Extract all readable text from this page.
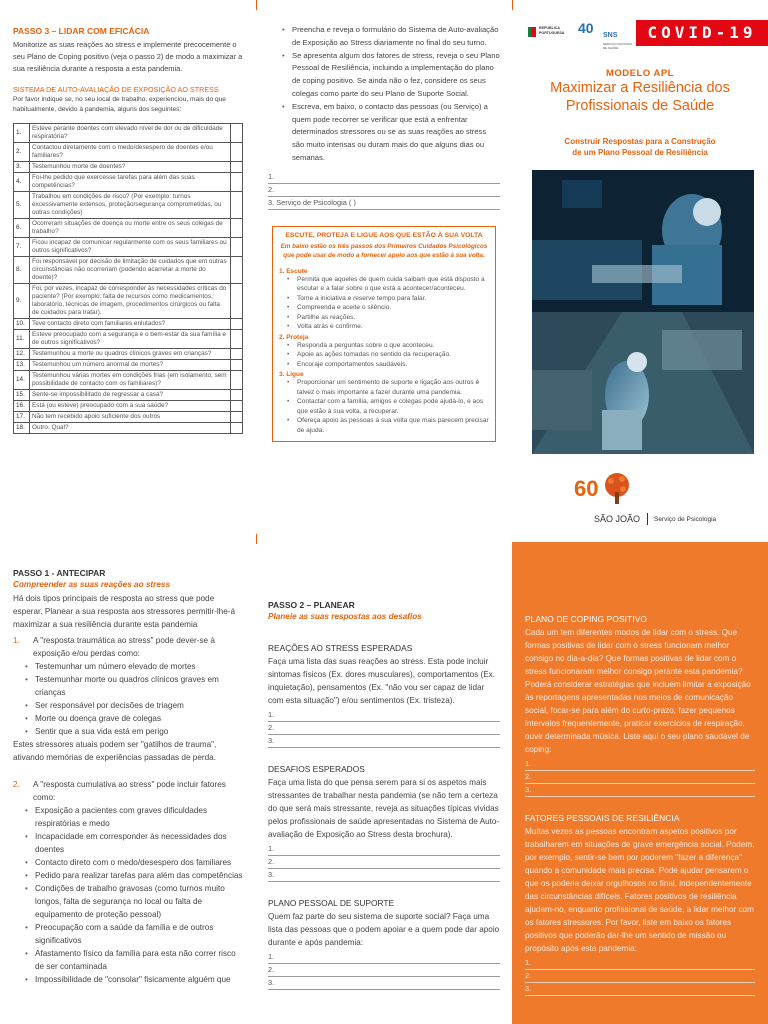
PASSO 3 – LIDAR COM EFICÁCIA
Monitorize as suas reações ao stress e implemente precocemente o seu Plano de Coping positivo (veja o passo 2) de modo a maximizar a sua resiliência durante a resposta a esta pandemia.
SISTEMA DE AUTO-AVALIAÇÃO DE EXPOSIÇÃO AO STRESS
Por favor indique se, no seu local de trabalho, experienciou, mais do que habitualmente, devido à pandemia, alguns dos seguintes:
1.	Esteve perante doentes com elevado nível de dor ou de dificuldade respiratória?	
2.	Contactou diretamente com o medo/desespero de doentes e/ou familiares?	
3.	Testemunhou morte de doentes?	
4.	Foi-lhe pedido que exercesse tarefas para além das suas competências?	
5.	Trabalhou em condições de risco? (Por exemplo: turnos excessivamente extensos, proteção/segurança comprometidas, ou outras condições)	
6.	Ocorreram situações de doença ou morte entre os seus colegas de trabalho?	
7.	Ficou incapaz de comunicar regularmente com os seus familiares ou outros significativos?	
8.	Foi responsável por decisão de limitação de cuidados que em outras circunstâncias não ocorreriam (podendo acarretar a morte do doente)?	
9.	Foi, por vezes, incapaz de corresponder às necessidades críticas do paciente? (Por exemplo: falta de recursos como medicamentos, laboratório, técnicas de imagem, procedimentos cirúrgicos ou falta de cuidados para tratar).	
10.	Teve contacto direto com familiares enlutados?	
11.	Esteve preocupado com a segurança e o bem-estar da sua família e de outros significativos?	
12.	Testemunhou a morte ou quadros clínicos graves em crianças?	
13.	Testemunhou um número anormal de mortes?	
14.	Testemunhou várias mortes em condições frias (em isolamento, sem possibilidade de contacto com os familiares)?	
15.	Sente-se impossibilitado de regressar a casa?	
16.	Está (ou esteve) preocupado com a sua saúde?	
17.	Não tem recebido apoio suficiente dos outros	
18.	Outro. Qual?	
• Preencha e reveja o formulário do Sistema de Auto-avaliação de Exposição ao Stress diariamente no final do seu turno.
• Se apresenta algum dos fatores de stress, reveja o seu Plano Pessoal de Resiliência, incluindo a implementação do plano de coping positivo. Se ainda não o fez, considere os seus colegas como parte do seu Plano de Suporte Social.
• Escreva, em baixo, o contacto das pessoas (ou Serviço) a quem pode recorrer se verificar que está a enfrentar determinados stressores ou se as suas reações ao stress são muito intensas ou duram mais do que alguns dias ou semanas.
1.
2.
3. Serviço de Psicologia ( )
ESCUTE, PROTEJA E LIGUE AOS QUE ESTÃO À SUA VOLTA
Em baixo estão os três passos dos Primeiros Cuidados Psicológicos que pode usar de modo a fornecer apoio aos que estão à sua volta.
1. Escute
• Permita que aqueles de quem cuida saibam que está disposto a escutar e a falar sobre o que está a acontecer/aconteceu.
• Tome a iniciativa e reserve tempo para falar.
• Compreenda e aceite o silêncio.
• Partilhe as reações.
• Volta atrás e confirme.
2. Proteja
• Responda a perguntas sobre o que aconteceu.
• Apoie as ações tomadas no sentido da recuperação.
• Encoraje comportamentos saudáveis.
3. Ligue
• Proporcionar um sentimento de suporte e ligação aos outros é talvez o mais importante a fazer durante uma pandemia.
• Contactar com a família, amigos e colegas pode ajudá-lo, e aos que estão à sua volta, a recuperar.
• Ofereça apoio às pessoas à sua volta que mais parecem precisar de ajuda.
REPÚBLICA PORTUGUESA 40	SNS
SERVIÇO NACIONAL
DE SAÚDE
COVID-19
MODELO APL
Maximizar a Resiliência dos
Profissionais de Saúde
Construir Respostas para a Construção
de um Plano Pessoal de Resiliência
60
SÃO JOÃO Serviço de Psicologia
PASSO 1 - ANTECIPAR
Compreender as suas reações ao stress
Há dois tipos principais de resposta ao stress que pode esperar. Planear a sua resposta aos stressores permitir-lhe-á maximizar a sua resiliência durante esta pandemia
1. A "resposta traumática ao stress" pode dever-se à exposição e/ou perdas como:
• Testemunhar um número elevado de mortes
• Testemunhar morte ou quadros clínicos graves em crianças
• Ser responsável por decisões de triagem
• Morte ou doença grave de colegas
• Sentir que a sua vida está em perigo
Estes stressores atuais podem ser "gatilhos de trauma", ativando memórias de experiências passadas de perda.
2. A "resposta cumulativa ao stress" pode incluir fatores como:
• Exposição a pacientes com graves dificuldades respiratórias e medo
• Incapacidade em corresponder às necessidades dos doentes
• Contacto direto com o medo/desespero dos familiares
• Pedido para realizar tarefas para além das competências
• Condições de trabalho gravosas (como turnos muito longos, falta de segurança no local ou falta de equipamento de proteção pessoal)
• Preocupação com a saúde da família e de outros significativos
• Afastamento físico da família para esta não correr risco de ser contaminada
• Impossibilidade de "consolar" fisicamente alguém que
PASSO 2 – PLANEAR
Planeie as suas respostas aos desafios
REAÇÕES AO STRESS ESPERADAS
Faça uma lista das suas reações ao stress. Esta pode incluir sintomas físicos (Ex. dores musculares), comportamentos (Ex. inquietação), pensamentos (Ex. "não vou ser capaz de lidar com esta situação") e/ou sentimentos (Ex. tristeza).
1.
2.
3.
DESAFIOS ESPERADOS
Faça uma lista do que pensa serem para si os aspetos mais stressantes de trabalhar nesta pandemia (se não tem a certeza do que será mais stressante, reveja as situações típicas vividas pelos profissionais de saúde apresentadas no Sistema de Auto-avaliação de Exposição ao Stress desta brochura).
1.
2.
3.
PLANO PESSOAL DE SUPORTE
Quem faz parte do seu sistema de suporte social? Faça uma lista das pessoas que o podem apoiar e a quem pode dar apoio durante e após pandemia:
1.
2.
3.
PLANO DE COPING POSITIVO
Cada um tem diferentes modos de lidar com o stress. Que formas positivas de lidar com o stress funcionam melhor consigo no dia-a-dia? Que formas positivas de lidar com o stress funcionaram melhor consigo perante esta pandemia? Poderá considerar estratégias que incluem limitar a exposição às reportagens apresentadas nos meios de comunicação social, focar-se para além do curto-prazo, fazer pequenos intervalos frequentemente, praticar exercícios de respiração, ouvir determinada música. Liste aqui o seu plano saudável de coping:
1.
2.
3.
FATORES PESSOAIS DE RESILIÊNCIA
Muitas vezes as pessoas encontram aspetos positivos por trabalharem em situações de grave emergência social. Podem, por exemplo, sentir-se bem por poderem "fazer a diferença" quando a comunidade mais precisa. Pode ajudar pensarem o que os poderia deixar orgulhosos no final, independentemente das circunstâncias difíceis. Fatores positivos de resiliência ajudam-no, enquanto profissional de saúde, a lidar melhor com os fatores stressores. Por favor, liste em baixo os fatores positivos que poderão dar-lhe um sentido de missão ou propósito após esta pandemia:
1.
2.
3.
